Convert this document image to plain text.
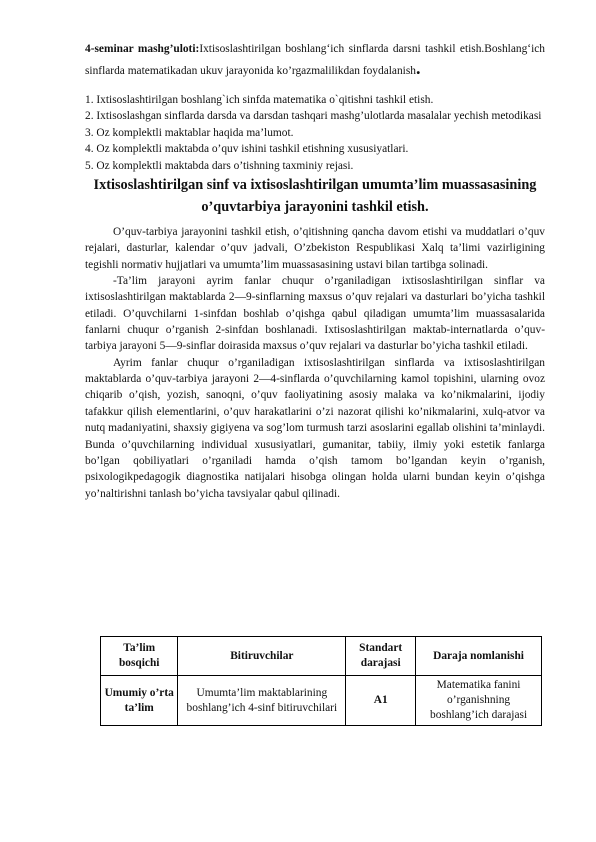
4-seminar mashg’uloti:Ixtisoslashtirilgan boshlang‘ich sinflarda darsni tashkil etish.Boshlang‘ich sinflarda matematikadan ukuv jarayonida ko’rgazmalilikdan foydalanish.

1. Ixtisoslashtirilgan boshlang`ich sinfda matematika o`qitishni tashkil etish.
2. Ixtisoslashgan sinflarda darsda va darsdan tashqari mashg’ulotlarda masalalar yechish metodikasi
3. Oz komplektli maktablar haqida ma’lumot.
4. Oz komplektli maktabda o’quv ishini tashkil etishning xususiyatlari.
5. Oz komplektli maktabda dars o’tishning taxminiy rejasi.
Ixtisoslashtirilgan sinf va ixtisoslashtirilgan umumta’lim muassasasining o’quvtarbiya jarayonini tashkil etish.

O’quv-tarbiya jarayonini tashkil etish, o’qitishning qancha davom etishi va muddatlari o’quv rejalari, dasturlar, kalendar o’quv jadvali, O’zbekiston Respublikasi Xalq ta’limi vazirligining tegishli normativ hujjatlari va umumta’lim muassasasining ustavi bilan tartibga solinadi.

-Ta’lim jarayoni ayrim fanlar chuqur o’rganiladigan ixtisoslashtirilgan sinflar va ixtisoslashtirilgan maktablarda 2—9-sinflarning maxsus o’quv rejalari va dasturlari bo’yicha tashkil etiladi. O’quvchilarni 1-sinfdan boshlab o’qishga qabul qiladigan umumta’lim muassasalarida fanlarni chuqur o’rganish 2-sinfdan boshlanadi. Ixtisoslashtirilgan maktab-internatlarda o’quv-tarbiya jarayoni 5—9-sinflar doirasida maxsus o’quv rejalari va dasturlar bo’yicha tashkil etiladi.

Ayrim fanlar chuqur o’rganiladigan ixtisoslashtirilgan sinflarda va ixtisoslashtirilgan maktablarda o’quv-tarbiya jarayoni 2—4-sinflarda o’quvchilarning kamol topishini, ularning ovoz chiqarib o’qish, yozish, sanoqni, o’quv faoliyatining asosiy malaka va ko’nikmalarini, ijodiy tafakkur qilish elementlarini, o’quv harakatlarini o’zi nazorat qilishi ko’nikmalarini, xulq-atvor va nutq madaniyatini, shaxsiy gigiyena va sog’lom turmush tarzi asoslarini egallab olishini ta’minlaydi. Bunda o’quvchilarning individual xususiyatlari, gumanitar, tabiiy, ilmiy yoki estetik fanlarga bo’lgan qobiliyatlari o’rganiladi hamda o’qish tamom bo’lgandan keyin o’rganish, psixologikpedagogik diagnostika natijalari hisobga olingan holda ularni bundan keyin o’qishga yo’naltirishni tanlash bo’yicha tavsiyalar qabul qilinadi.

Ta’lim bosqichi	Bitiruvchilar	Standart darajasi	Daraja nomlanishi
Umumiy o’rta ta’lim	Umumta’lim maktablarining boshlang’ich 4-sinf bitiruvchilari	A1	Matematika fanini o’rganishning boshlang’ich darajasi
